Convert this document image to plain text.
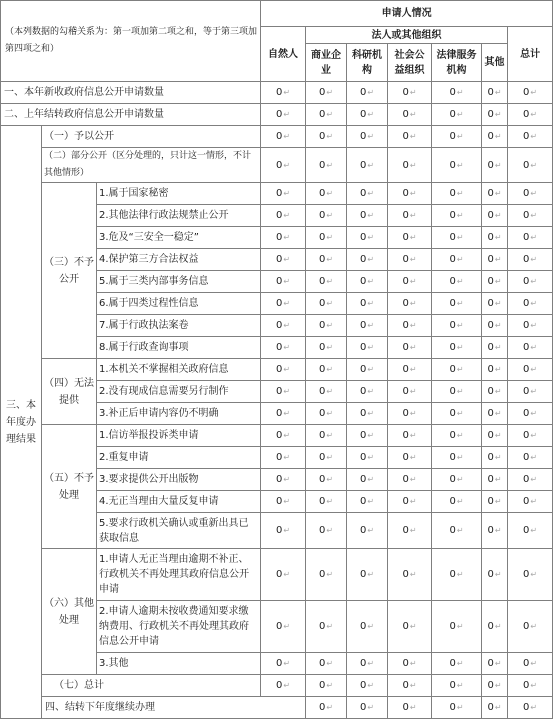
（本列数据的勾稽关系为：第一项加第二项之和，等于第三项加第四项之和）			申请人情况							
			自然人	法人或其他组织					总计	
				商业企业	科研机构	社会公益组织	法律服务机构	其他		
一、本年新收政府信息公开申请数量			0↵	0↵	0↵	0↵	0↵	0↵	0↵	
二、上年结转政府信息公开申请数量			0↵	0↵	0↵	0↵	0↵	0↵	0↵	
三、本年度办理结果	（一）予以公开		0↵	0↵	0↵	0↵	0↵	0↵	0↵	
	（二）部分公开（区分处理的，只计这一情形，不计其他情形）		0↵	0↵	0↵	0↵	0↵	0↵	0↵	
	（三）不予公开	1.属于国家秘密	0↵	0↵	0↵	0↵	0↵	0↵	0↵	
		2.其他法律行政法规禁止公开	0↵	0↵	0↵	0↵	0↵	0↵	0↵	
		3.危及“三安全一稳定”	0↵	0↵	0↵	0↵	0↵	0↵	0↵	
		4.保护第三方合法权益	0↵	0↵	0↵	0↵	0↵	0↵	0↵	
		5.属于三类内部事务信息	0↵	0↵	0↵	0↵	0↵	0↵	0↵	
		6.属于四类过程性信息	0↵	0↵	0↵	0↵	0↵	0↵	0↵	
		7.属于行政执法案卷	0↵	0↵	0↵	0↵	0↵	0↵	0↵	
		8.属于行政查询事项	0↵	0↵	0↵	0↵	0↵	0↵	0↵	
	（四）无法提供	1.本机关不掌握相关政府信息	0↵	0↵	0↵	0↵	0↵	0↵	0↵	
		2.没有现成信息需要另行制作	0↵	0↵	0↵	0↵	0↵	0↵	0↵	
		3.补正后申请内容仍不明确	0↵	0↵	0↵	0↵	0↵	0↵	0↵	
	（五）不予处理	1.信访举报投诉类申请	0↵	0↵	0↵	0↵	0↵	0↵	0↵	
		2.重复申请	0↵	0↵	0↵	0↵	0↵	0↵	0↵	
		3.要求提供公开出版物	0↵	0↵	0↵	0↵	0↵	0↵	0↵	
		4.无正当理由大量反复申请	0↵	0↵	0↵	0↵	0↵	0↵	0↵	
		5.要求行政机关确认或重新出具已获取信息	0↵	0↵	0↵	0↵	0↵	0↵	0↵	
	（六）其他处理	1.申请人无正当理由逾期不补正、行政机关不再处理其政府信息公开申请	0↵	0↵	0↵	0↵	0↵	0↵	0↵	
		2.申请人逾期未按收费通知要求缴纳费用、行政机关不再处理其政府信息公开申请	0↵	0↵	0↵	0↵	0↵	0↵	0↵	
		3.其他	0↵	0↵	0↵	0↵	0↵	0↵	0↵	
	（七）总计		0↵	0↵	0↵	0↵	0↵	0↵	0↵	
	四、结转下年度继续办理			0↵	0↵	0↵	0↵	0↵	0↵	
